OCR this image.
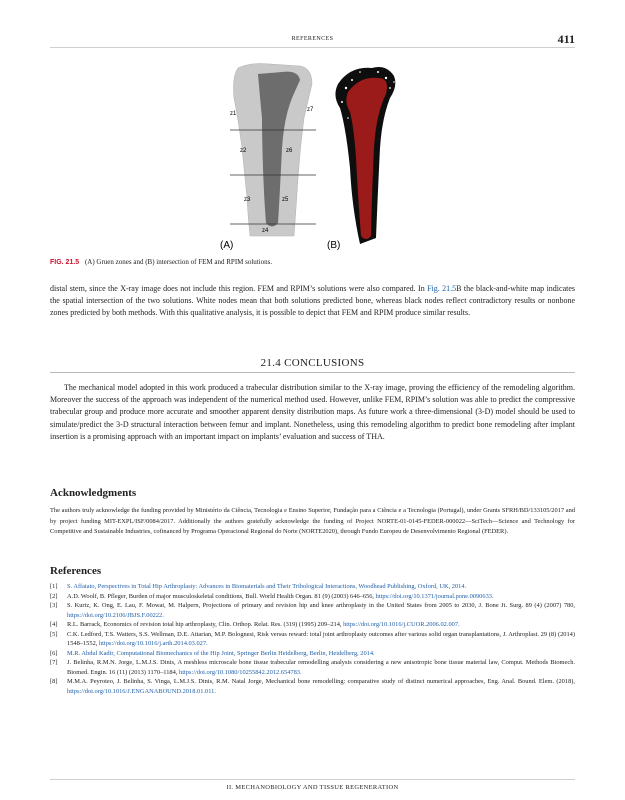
REFERENCES	411
z1
z7
z2	z6
z3	z5
z4
(A)	(B)
FIG. 21.5 (A) Gruen zones and (B) intersection of FEM and RPIM solutions.
distal stem, since the X-ray image does not include this region. FEM and RPIM’s solutions were also compared. In Fig. 21.5B the black-and-white map indicates the spatial intersection of the two solutions. White nodes mean that both solutions predicted bone, whereas black nodes reflect contradictory results or nonbone zones predicted by both methods. With this qualitative analysis, it is possible to depict that FEM and RPIM produce similar results.
21.4 CONCLUSIONS
The mechanical model adopted in this work produced a trabecular distribution similar to the X-ray image, proving the efficiency of the remodeling algorithm. Moreover the success of the approach was independent of the numerical method used. However, unlike FEM, RPIM’s solution was able to predict the compressive trabecular group and produce more accurate and smoother apparent density distribution maps. As future work a three-dimensional (3-D) model should be used to simulate/predict the 3-D structural interaction between femur and implant. Nonetheless, using this remodeling algorithm to predict bone remodeling after implant insertion is a promising approach with an important impact on implants’ evaluation and success of THA.
Acknowledgments
The authors truly acknowledge the funding provided by Ministério da Ciência, Tecnologia e Ensino Superior, Fundação para a Ciência e a Tecnologia (Portugal), under Grants SFRH/BD/133105/2017 and by project funding MIT-EXPL/ISF/0084/2017. Additionally the authors gratefully acknowledge the funding of Project NORTE-01-0145-FEDER-000022—SciTech—Science and Technology for Competitive and Sustainable Industries, cofinanced by Programa Operacional Regional do Norte (NORTE2020), through Fundo Europeu de Desenvolvimento Regional (FEDER).
References
[1] S. Affatato, Perspectives in Total Hip Arthroplasty: Advances in Biomaterials and Their Tribological Interactions, Woodhead Publishing, Oxford, UK, 2014.
[2] A.D. Woolf, B. Pfleger, Burden of major musculoskeletal conditions, Bull. World Health Organ. 81 (9) (2003) 646–656, https://doi.org/10.1371/journal.pone.0090633.
[3] S. Kurtz, K. Ong, E. Lau, F. Mowat, M. Halpern, Projections of primary and revision hip and knee arthroplasty in the United States from 2005 to 2030, J. Bone Jt. Surg. 89 (4) (2007) 780, https://doi.org/10.2106/JBJS.F.00222.
[4] R.L. Barrack, Economics of revision total hip arthroplasty, Clin. Orthop. Relat. Res. (319) (1995) 209–214, https://doi.org/10.1016/j.CUOR.2006.02.007.
[5] C.K. Ledford, T.S. Watters, S.S. Wellman, D.E. Attarian, M.P. Bolognesi, Risk versus reward: total joint arthroplasty outcomes after various solid organ transplantations, J. Arthroplast. 29 (8) (2014) 1548–1552, https://doi.org/10.1016/j.arth.2014.03.027.
[6] M.R. Abdul Kadir, Computational Biomechanics of the Hip Joint, Springer Berlin Heidelberg, Berlin, Heidelberg, 2014.
[7] J. Belinha, R.M.N. Jorge, L.M.J.S. Dinis, A meshless microscale bone tissue trabecular remodelling analysis considering a new anisotropic bone tissue material law, Comput. Methods Biomech. Biomed. Engin. 16 (11) (2013) 1170–1184, https://doi.org/10.1080/10255842.2012.654783.
[8] M.M.A. Peyroteo, J. Belinha, S. Vinga, L.M.J.S. Dinis, R.M. Natal Jorge, Mechanical bone remodelling: comparative study of distinct numerical approaches, Eng. Anal. Bound. Elem. (2018), https://doi.org/10.1016/J.ENGANABOUND.2018.01.011.
II. MECHANOBIOLOGY AND TISSUE REGENERATION
